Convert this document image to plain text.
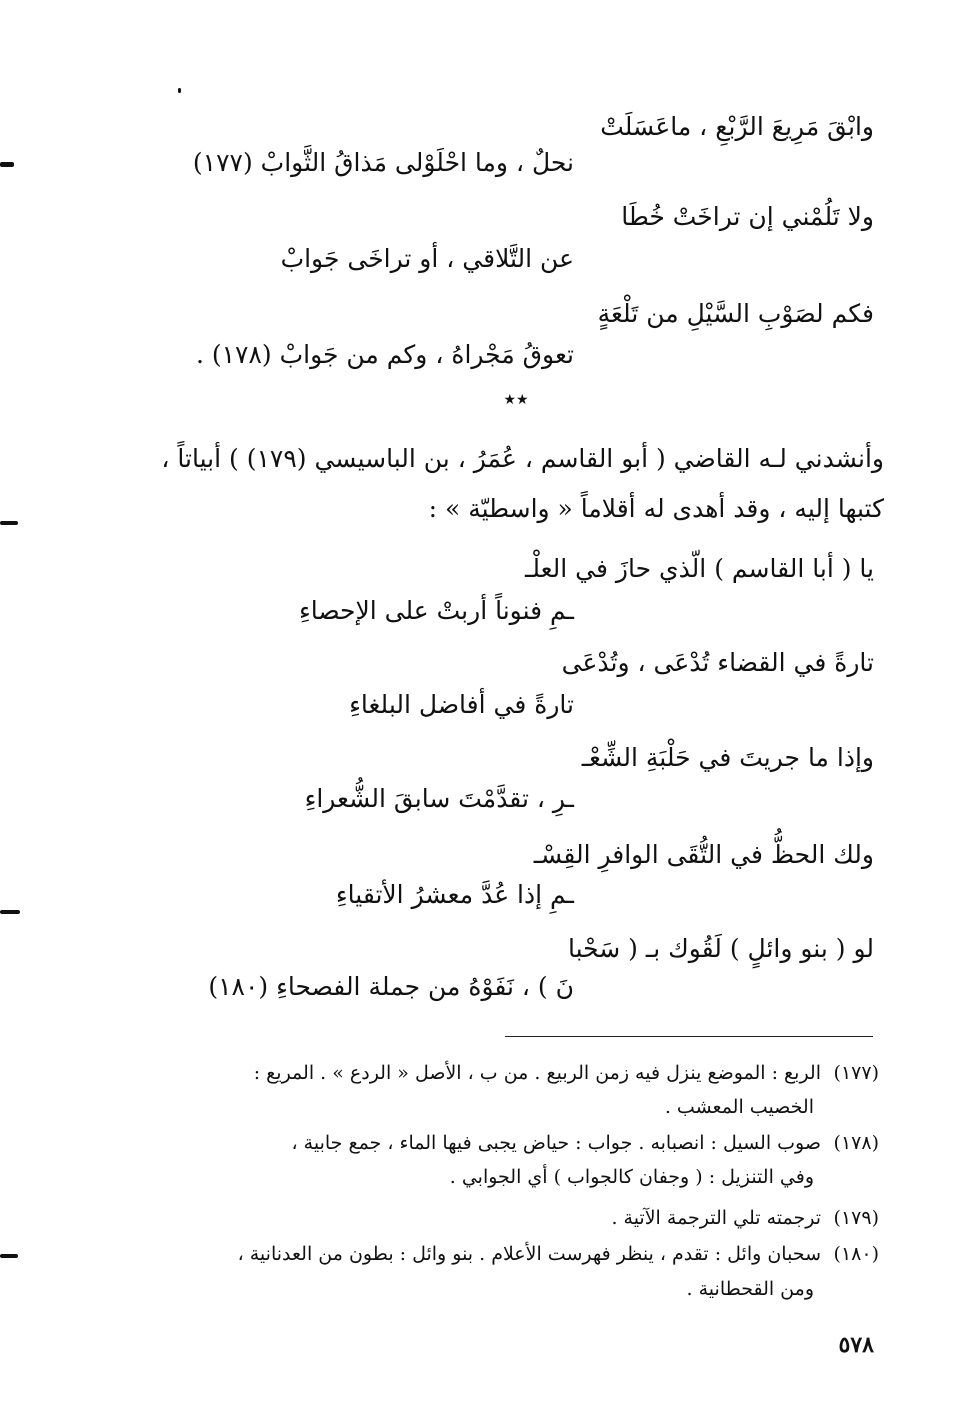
وابْقَ مَرِيعَ الرَّبْعِ ، ماعَسَلَتْ
نحلٌ ، وما احْلَوْلى مَذاقُ الثَّوابْ (١٧٧)
ولا تَلُمْني إن تراخَتْ خُطَا
عن التَّلاقي ، أو تراخَى جَوابْ
فكم لصَوْبِ السَّيْلِ من تَلْعَةٍ
تعوقُ مَجْراهُ ، وكم من جَوابْ (١٧٨) .
★★
وأنشدني لـه القاضي ( أبو القاسم ، عُمَرُ ، بن الباسيسي (١٧٩) ) أبياتاً ،
كتبها إليه ، وقد أهدى له أقلاماً « واسطيّة » :
يا ( أبا القاسم ) الّذي حازَ في العلْـ
ـمِ فنوناً أربتْ على الإحصاءِ
تارةً في القضاء تُدْعَى ، وتُدْعَى
تارةً في أفاضل البلغاءِ
وإذا ما جريتَ في حَلْبَةِ الشِّعْـ
ـرِ ، تقدَّمْتَ سابقَ الشُّعراءِ
ولك الحظُّ في التُّقَى الوافرِ القِسْـ
ـمِ إذا عُدَّ معشرُ الأتقياءِ
لو ( بنو وائلٍ ) لَقُوك بـ ( سَحْبا
نَ ) ، نَفَوْهُ من جملة الفصحاءِ (١٨٠)
(١٧٧)الربع : الموضع ينزل فيه زمن الربيع . من ب ، الأصل « الردع » . المريع :
الخصيب المعشب .
(١٧٨)صوب السيل : انصبابه . جواب : حياض يجبى فيها الماء ، جمع جابية ،
وفي التنزيل : ( وجفان كالجواب ) أي الجوابي .
(١٧٩)ترجمته تلي الترجمة الآتية .
(١٨٠)سحبان وائل : تقدم ، ينظر فهرست الأعلام . بنو وائل : بطون من العدنانية ،
ومن القحطانية .
٥٧٨
